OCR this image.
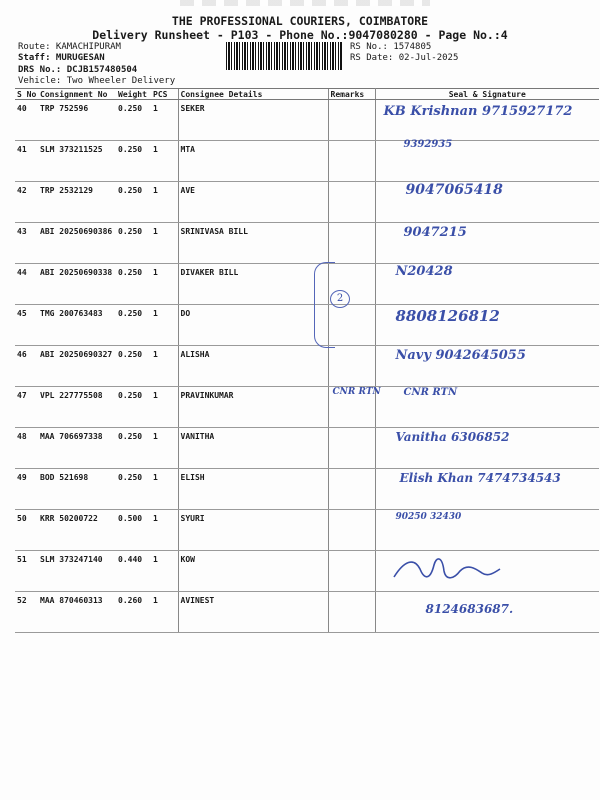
THE PROFESSIONAL COURIERS, COIMBATORE
Delivery Runsheet - P103 - Phone No.:9047080280 - Page No.:4
Route: KAMACHIPURAM
Staff: MURUGESAN
DRS No.: DCJB157480504
Vehicle: Two Wheeler Delivery
RS No.: 1574805
RS Date: 02-Jul-2025
S No	Consignment No	Weight	PCS	Consignee Details	Remarks	Seal & Signature
40	TRP 752596	0.250	1	SEKER		KB Krishnan 9715927172

41	SLM 373211525	0.250	1	MTA		9392935

42	TRP 2532129	0.250	1	AVE		9047065418

43	ABI 20250690386	0.250	1	SRINIVASA BILL		9047215

44	ABI 20250690338	0.250	1	DIVAKER BILL		N20428

45	TMG 200763483	0.250	1	DO		8808126812

46	ABI 20250690327	0.250	1	ALISHA		Navy 9042645055

47	VPL 227775508	0.250	1	PRAVINKUMAR	CNR RTN	CNR RTN

48	MAA 706697338	0.250	1	VANITHA		Vanitha 6306852

49	BOD 521698	0.250	1	ELISH		Elish Khan 7474734543

50	KRR 50200722	0.500	1	SYURI		90250 32430

51	SLM 373247140	0.440	1	KOW	

52	MAA 870460313	0.260	1	AVINEST		8124683687.
2
